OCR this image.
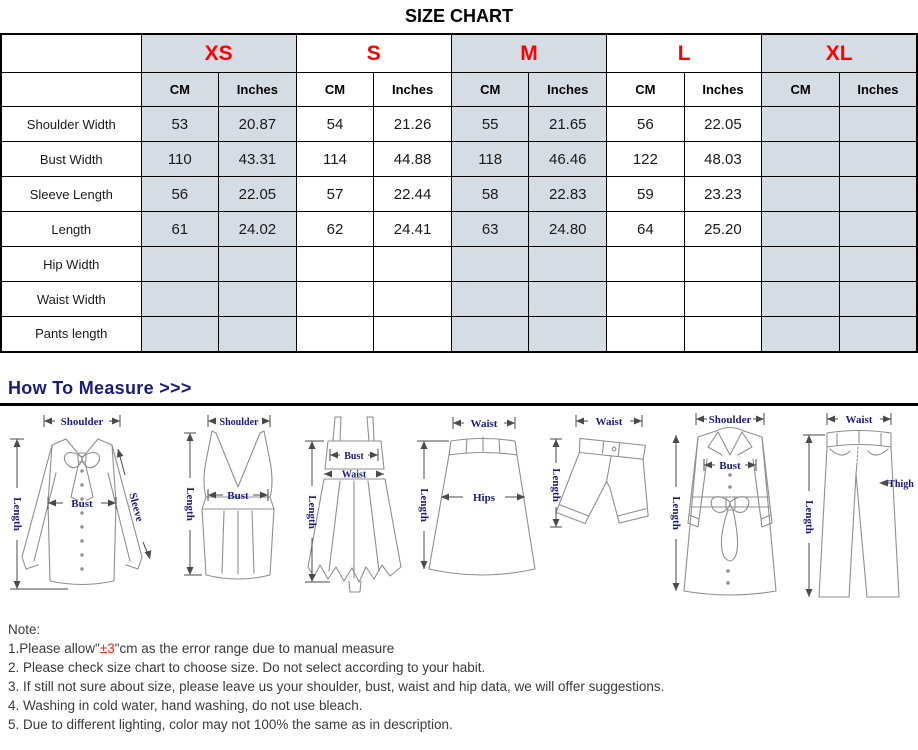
SIZE CHART
	XS		S		M		L		XL	
	CM	Inches	CM	Inches	CM	Inches	CM	Inches	CM	Inches
Shoulder Width	53	20.87	54	21.26	55	21.65	56	22.05		
Bust Width	110	43.31	114	44.88	118	46.46	122	48.03		
Sleeve Length	56	22.05	57	22.44	58	22.83	59	23.23		
Length	61	24.02	62	24.41	63	24.80	64	25.20		
Hip Width										
Waist Width										
Pants length										
How To Measure >>>
Shoulder
Bust
Length	Sleeve
Shoulder
Bust
Length
Bust
Waist
Length
Waist
Hips
Length
Waist
Length
Shoulder
Bust
Length
Waist
Thigh
Length
Note:
1.Please allow"±3"cm as the error range due to manual measure
2. Please check size chart to choose size. Do not select according to your habit.
3. If still not sure about size, please leave us your shoulder, bust, waist and hip data, we will offer suggestions.
4. Washing in cold water, hand washing, do not use bleach.
5. Due to different lighting, color may not 100% the same as in description.
